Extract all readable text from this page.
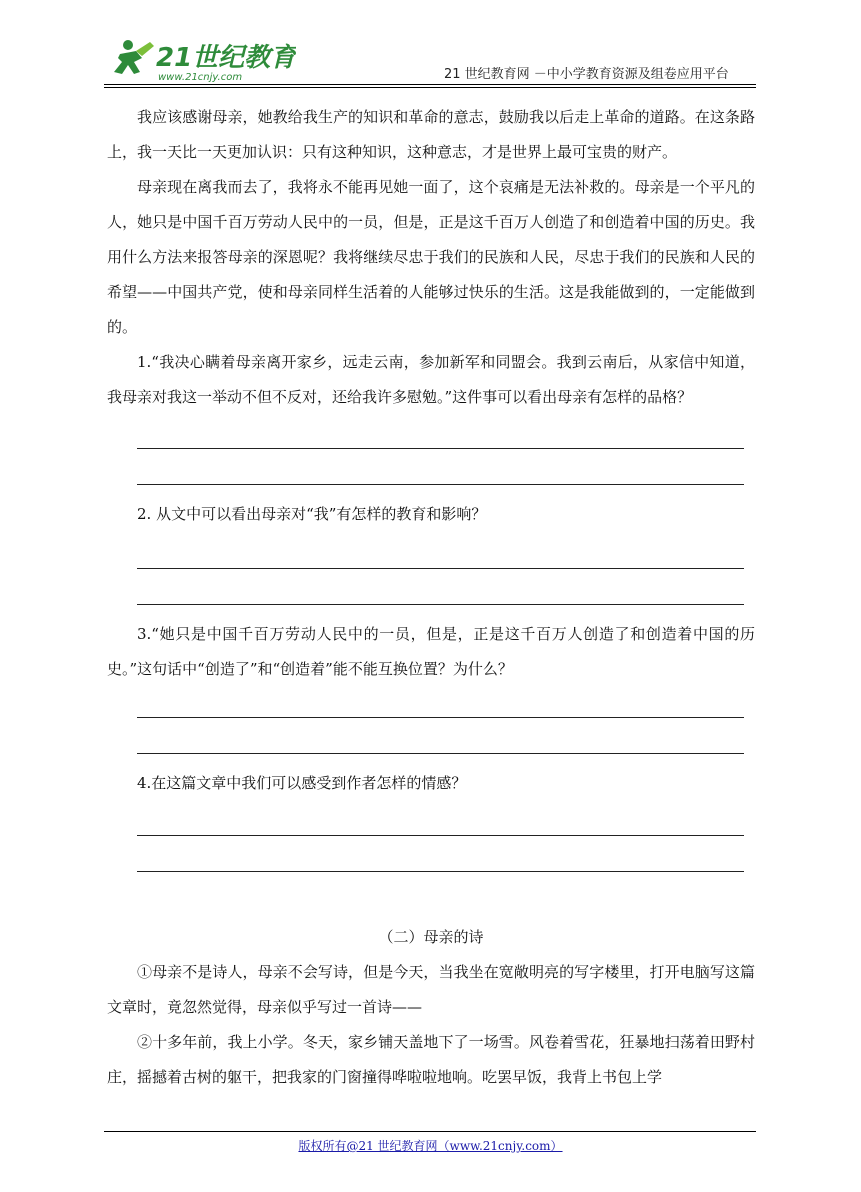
21世纪教育
www.21cnjy.com	21 世纪教育网 －中小学教育资源及组卷应用平台

我应该感谢母亲，她教给我生产的知识和革命的意志，鼓励我以后走上革命的道路。在这条路上，我一天比一天更加认识：只有这种知识，这种意志，才是世界上最可宝贵的财产。

母亲现在离我而去了，我将永不能再见她一面了，这个哀痛是无法补救的。母亲是一个平凡的人，她只是中国千百万劳动人民中的一员，但是，正是这千百万人创造了和创造着中国的历史。我用什么方法来报答母亲的深恩呢？我将继续尽忠于我们的民族和人民，尽忠于我们的民族和人民的希望——中国共产党，使和母亲同样生活着的人能够过快乐的生活。这是我能做到的，一定能做到的。

1.“我决心瞒着母亲离开家乡，远走云南，参加新军和同盟会。我到云南后，从家信中知道，我母亲对我这一举动不但不反对，还给我许多慰勉。”这件事可以看出母亲有怎样的品格？

2. 从文中可以看出母亲对“我”有怎样的教育和影响？

3.“她只是中国千百万劳动人民中的一员，但是，正是这千百万人创造了和创造着中国的历史。”这句话中“创造了”和“创造着”能不能互换位置？为什么？

4.在这篇文章中我们可以感受到作者怎样的情感？

（二）母亲的诗

①母亲不是诗人，母亲不会写诗，但是今天，当我坐在宽敞明亮的写字楼里，打开电脑写这篇文章时，竟忽然觉得，母亲似乎写过一首诗——

②十多年前，我上小学。冬天，家乡铺天盖地下了一场雪。风卷着雪花，狂暴地扫荡着田野村庄，摇撼着古树的躯干，把我家的门窗撞得哗啦啦地响。吃罢早饭，我背上书包上学

版权所有@21 世纪教育网（www.21cnjy.com）
